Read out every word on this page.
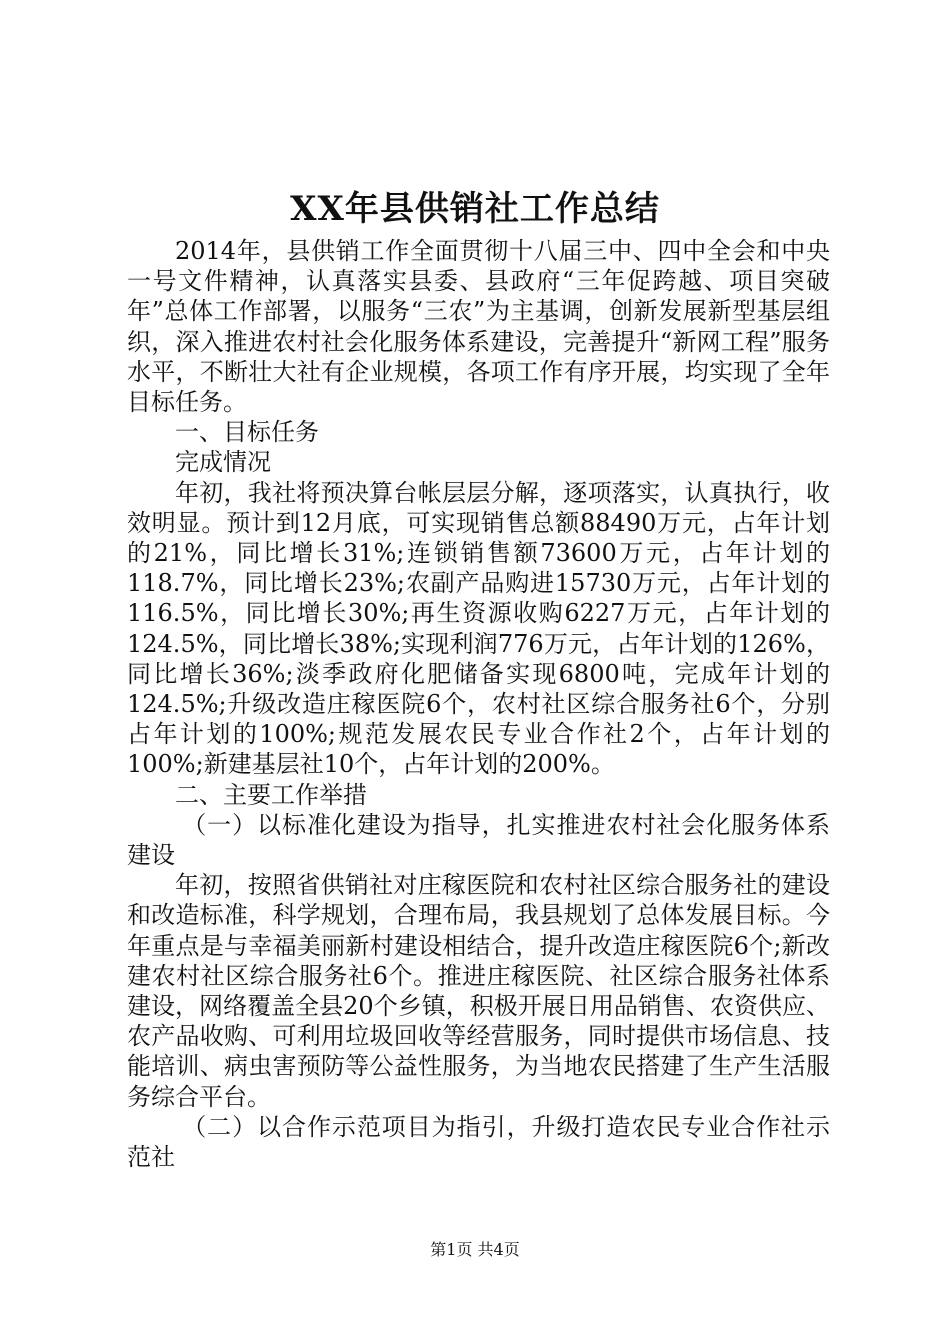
XX年县供销社工作总结

2014年，县供销工作全面贯彻十八届三中、四中全会和中央一号文件精神，认真落实县委、县政府“三年促跨越、项目突破年”总体工作部署，以服务“三农”为主基调，创新发展新型基层组织，深入推进农村社会化服务体系建设，完善提升“新网工程”服务水平，不断壮大社有企业规模，各项工作有序开展，均实现了全年目标任务。

一、目标任务

完成情况

年初，我社将预决算台帐层层分解，逐项落实，认真执行，收效明显。预计到12月底，可实现销售总额88490万元，占年计划的21%，同比增长31%;连锁销售额73600万元，占年计划的118.7%，同比增长23%;农副产品购进15730万元，占年计划的116.5%，同比增长30%;再生资源收购6227万元，占年计划的124.5%，同比增长38%;实现利润776万元，占年计划的126%，同比增长36%;淡季政府化肥储备实现6800吨，完成年计划的124.5%;升级改造庄稼医院6个，农村社区综合服务社6个，分别占年计划的100%;规范发展农民专业合作社2个，占年计划的100%;新建基层社10个，占年计划的200%。

二、主要工作举措

（一）以标准化建设为指导，扎实推进农村社会化服务体系建设

年初，按照省供销社对庄稼医院和农村社区综合服务社的建设和改造标准，科学规划，合理布局，我县规划了总体发展目标。今年重点是与幸福美丽新村建设相结合，提升改造庄稼医院6个;新改建农村社区综合服务社6个。推进庄稼医院、社区综合服务社体系建设，网络覆盖全县20个乡镇，积极开展日用品销售、农资供应、农产品收购、可利用垃圾回收等经营服务，同时提供市场信息、技能培训、病虫害预防等公益性服务，为当地农民搭建了生产生活服务综合平台。

（二）以合作示范项目为指引，升级打造农民专业合作社示范社

第1页 共4页
